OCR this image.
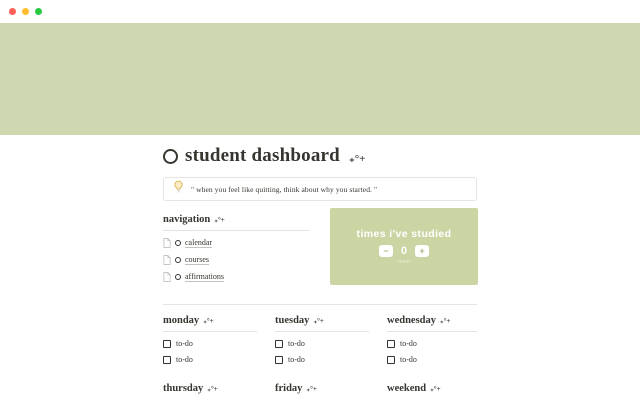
student dashboard ₊°+
" when you feel like quitting, think about why you started. "
navigation ₊°+
calendar
courses
affirmations
times i've studied
−	0	+
reset
monday ₊°+
to-do
to-do
tuesday ₊°+
to-do
to-do
wednesday ₊°+
to-do
to-do
thursday ₊°+	friday ₊°+	weekend ₊°+
